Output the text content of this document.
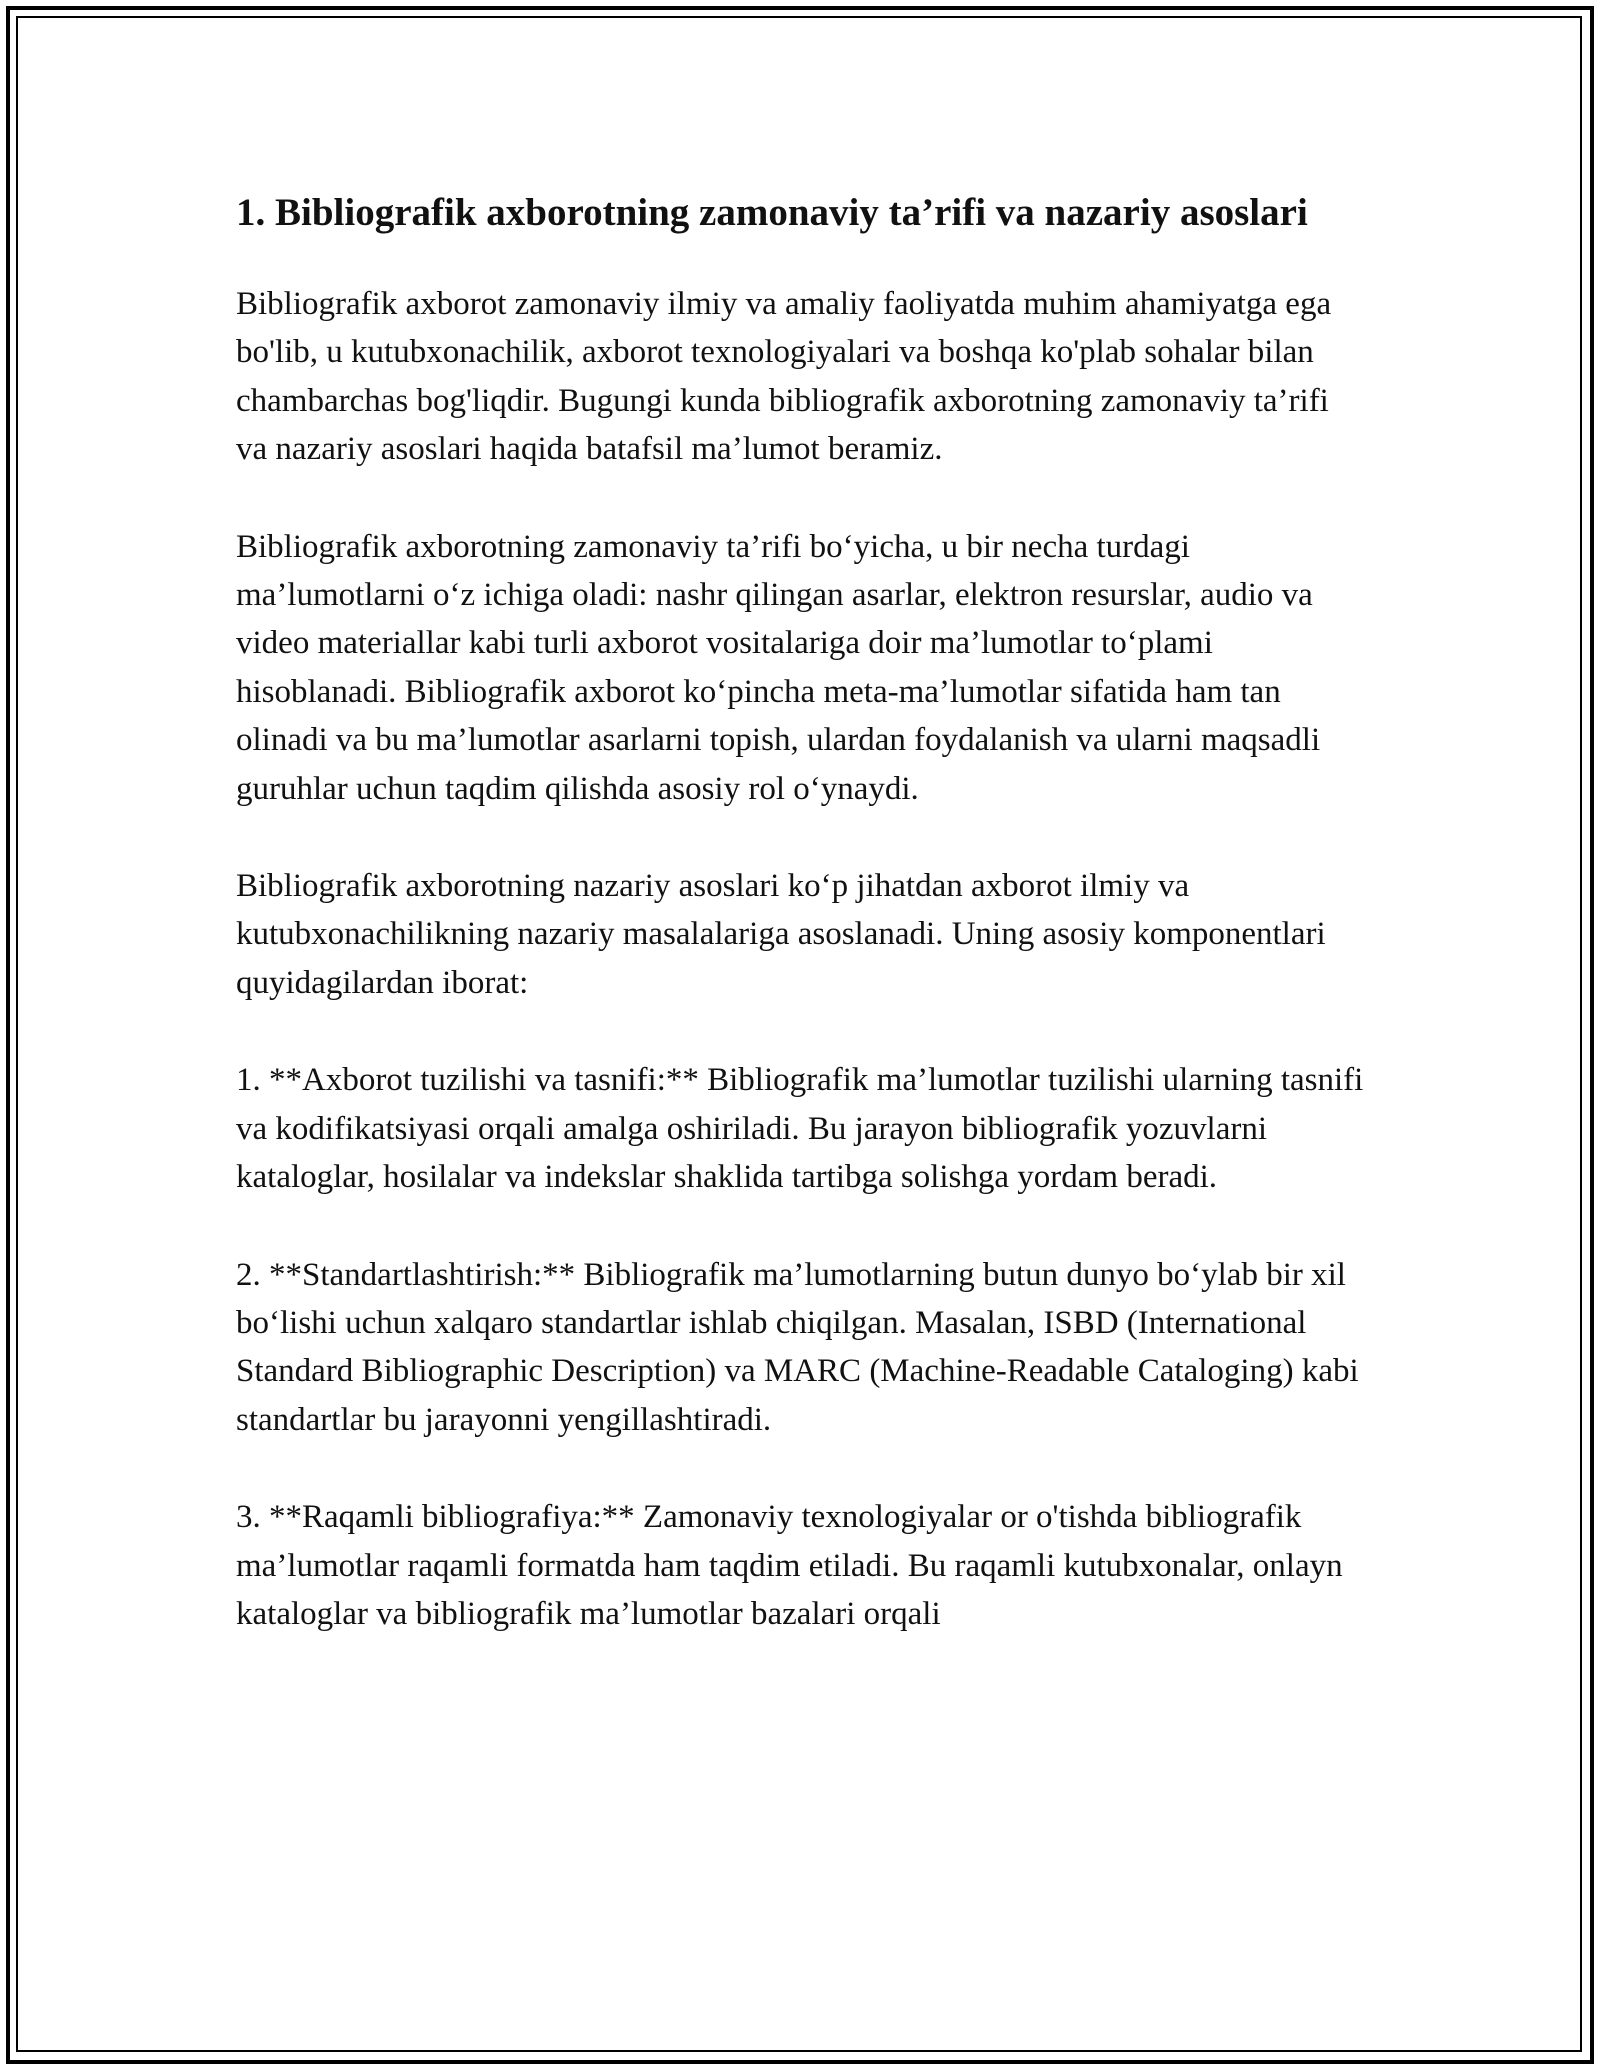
1. Bibliografik axborotning zamonaviy ta’rifi va nazariy asoslari

Bibliografik axborot zamonaviy ilmiy va amaliy faoliyatda muhim ahamiyatga ega bo'lib, u kutubxonachilik, axborot texnologiyalari va boshqa ko'plab sohalar bilan chambarchas bog'liqdir. Bugungi kunda bibliografik axborotning zamonaviy ta’rifi va nazariy asoslari haqida batafsil ma’lumot beramiz.

Bibliografik axborotning zamonaviy ta’rifi bo‘yicha, u bir necha turdagi ma’lumotlarni o‘z ichiga oladi: nashr qilingan asarlar, elektron resurslar, audio va video materiallar kabi turli axborot vositalariga doir ma’lumotlar to‘plami hisoblanadi. Bibliografik axborot ko‘pincha meta-ma’lumotlar sifatida ham tan olinadi va bu ma’lumotlar asarlarni topish, ulardan foydalanish va ularni maqsadli guruhlar uchun taqdim qilishda asosiy rol o‘ynaydi.

Bibliografik axborotning nazariy asoslari ko‘p jihatdan axborot ilmiy va kutubxonachilikning nazariy masalalariga asoslanadi. Uning asosiy komponentlari quyidagilardan iborat:

1. **Axborot tuzilishi va tasnifi:** Bibliografik ma’lumotlar tuzilishi ularning tasnifi va kodifikatsiyasi orqali amalga oshiriladi. Bu jarayon bibliografik yozuvlarni kataloglar, hosilalar va indekslar shaklida tartibga solishga yordam beradi.

2. **Standartlashtirish:** Bibliografik ma’lumotlarning butun dunyo bo‘ylab bir xil bo‘lishi uchun xalqaro standartlar ishlab chiqilgan. Masalan, ISBD (International Standard Bibliographic Description) va MARC (Machine-Readable Cataloging) kabi standartlar bu jarayonni yengillashtiradi.

3. **Raqamli bibliografiya:** Zamonaviy texnologiyalar or o'tishda bibliografik ma’lumotlar raqamli formatda ham taqdim etiladi. Bu raqamli kutubxonalar, onlayn kataloglar va bibliografik ma’lumotlar bazalari orqali
